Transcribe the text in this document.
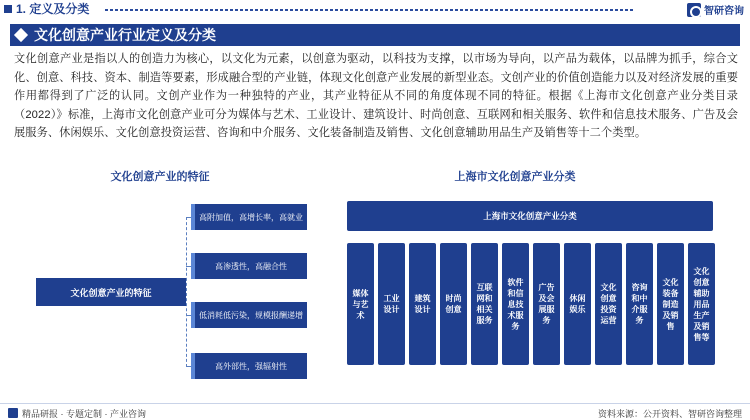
1. 定义及分类	智研咨询
文化创意产业行业定义及分类

文化创意产业是指以人的创造力为核心，以文化为元素，以创意为驱动，以科技为支撑，以市场为导向，以产品为载体，以品牌为抓手，综合文化、创意、科技、资本、制造等要素，形成融合型的产业链，体现文化创意产业发展的新型业态。文创产业的价值创造能力以及对经济发展的重要作用都得到了广泛的认同。文创产业作为一种独特的产业，其产业特征从不同的角度体现不同的特征。根据《上海市文化创意产业分类目录（2022）》标准，上海市文化创意产业可分为媒体与艺术、工业设计、建筑设计、时尚创意、互联网和相关服务、软件和信息技术服务、广告及会展服务、休闲娱乐、文化创意投资运营、咨询和中介服务、文化装备制造及销售、文化创意辅助用品生产及销售等十二个类型。

文化创意产业的特征
文化创意产业的特征
高附加值，高增长率，高就业
高渗透性，高融合性
低消耗低污染，规模报酬递增
高外部性，强辐射性
上海市文化创意产业分类
上海市文化创意产业分类
媒体与艺术
工业设计
建筑设计
时尚创意
互联网和相关服务
软件和信息技术服务
广告及会展服务
休闲娱乐
文化创意投资运营
咨询和中介服务
文化装备制造及销售
文化创意辅助用品生产及销售等
精品研报 · 专题定制 · 产业咨询	资料来源：公开资料、智研咨询整理
